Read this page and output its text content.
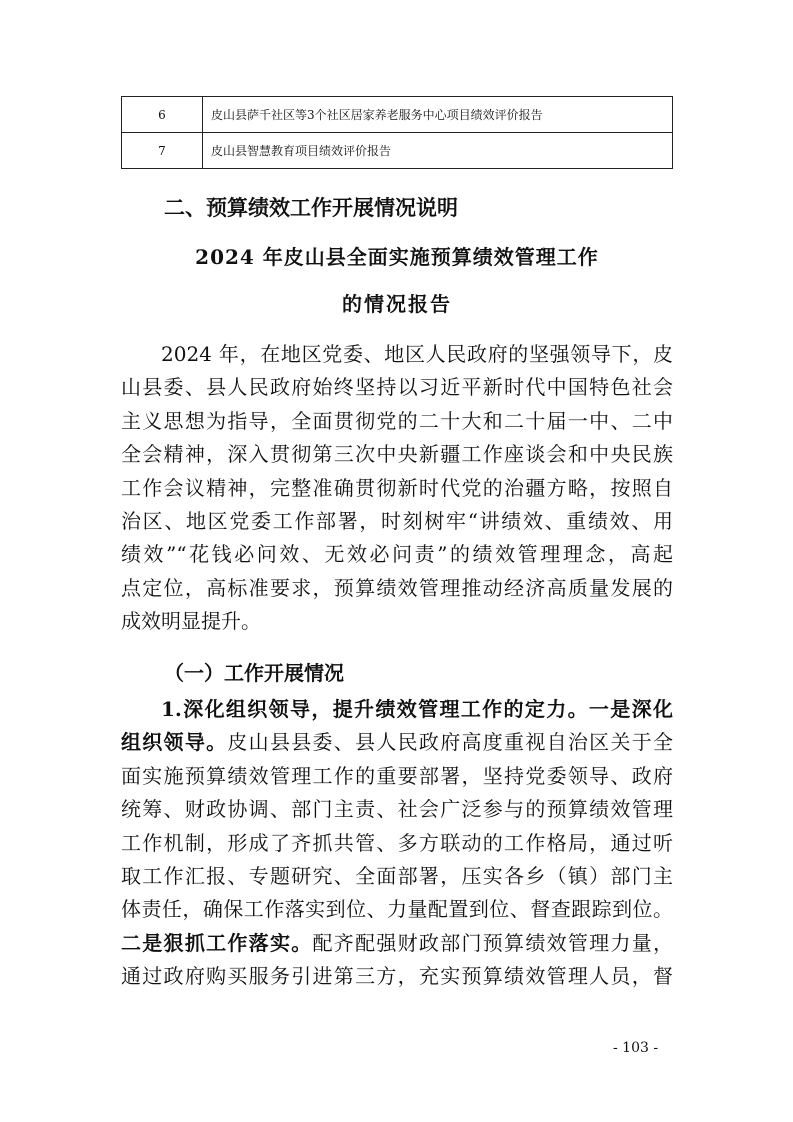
6	皮山县萨千社区等3个社区居家养老服务中心项目绩效评价报告
7	皮山县智慧教育项目绩效评价报告
二、预算绩效工作开展情况说明
2024 年皮山县全面实施预算绩效管理工作
的情况报告
2024 年，在地区党委、地区人民政府的坚强领导下，皮
山县委、县人民政府始终坚持以习近平新时代中国特色社会
主义思想为指导，全面贯彻党的二十大和二十届一中、二中
全会精神，深入贯彻第三次中央新疆工作座谈会和中央民族
工作会议精神，完整准确贯彻新时代党的治疆方略，按照自
治区、地区党委工作部署，时刻树牢“讲绩效、重绩效、用
绩效”“花钱必问效、无效必问责”的绩效管理理念，高起
点定位，高标准要求，预算绩效管理推动经济高质量发展的
成效明显提升。
（一）工作开展情况
1.深化组织领导，提升绩效管理工作的定力。一是深化
组织领导。皮山县县委、县人民政府高度重视自治区关于全
面实施预算绩效管理工作的重要部署，坚持党委领导、政府
统筹、财政协调、部门主责、社会广泛参与的预算绩效管理
工作机制，形成了齐抓共管、多方联动的工作格局，通过听
取工作汇报、专题研究、全面部署，压实各乡（镇）部门主
体责任，确保工作落实到位、力量配置到位、督查跟踪到位。
二是狠抓工作落实。配齐配强财政部门预算绩效管理力量，
通过政府购买服务引进第三方，充实预算绩效管理人员，督
- 103 -
